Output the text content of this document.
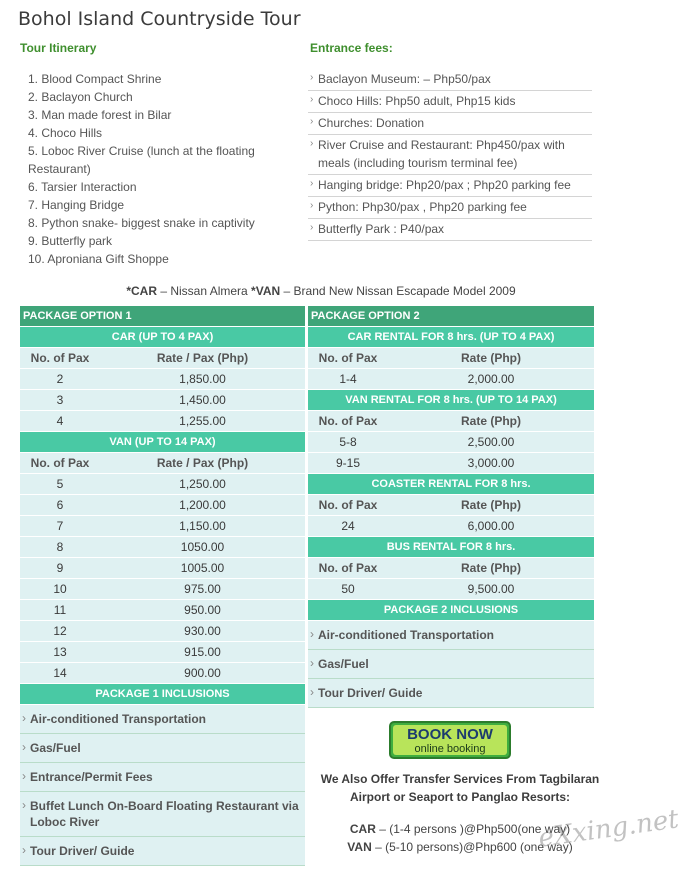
Bohol Island Countryside Tour
Tour Itinerary
1. Blood Compact Shrine
2. Baclayon Church
3. Man made forest in Bilar
4. Choco Hills
5. Loboc River Cruise (lunch at the floating Restaurant)
6. Tarsier Interaction
7. Hanging Bridge
8. Python snake- biggest snake in captivity
9. Butterfly park
10. Apronianа Gift Shoppe
Entrance fees:
› Baclayon Museum: – Php50/pax
› Choco Hills: Php50 adult, Php15 kids
› Churches: Donation
› River Cruise and Restaurant: Php450/pax with meals (including tourism terminal fee)
› Hanging bridge: Php20/pax ; Php20 parking fee
› Python: Php30/pax , Php20 parking fee
› Butterfly Park : P40/pax
*CAR – Nissan Almera *VAN – Brand New Nissan Escapade Model 2009
PACKAGE OPTION 1
CAR (UP TO 4 PAX)
No. of Pax	Rate / Pax (Php)
2	1,850.00
3	1,450.00
4	1,255.00
VAN (UP TO 14 PAX)
No. of Pax	Rate / Pax (Php)
5	1,250.00
6	1,200.00
7	1,150.00
8	1050.00
9	1005.00
10	975.00
11	950.00
12	930.00
13	915.00
14	900.00
PACKAGE 1 INCLUSIONS
› Air-conditioned Transportation
› Gas/Fuel
› Entrance/Permit Fees
› Buffet Lunch On-Board Floating Restaurant via Loboc River
› Tour Driver/ Guide
PACKAGE OPTION 2
CAR RENTAL FOR 8 hrs. (UP TO 4 PAX)
No. of Pax	Rate (Php)
1-4	2,000.00
VAN RENTAL FOR 8 hrs. (UP TO 14 PAX)
No. of Pax	Rate (Php)
5-8	2,500.00
9-15	3,000.00
COASTER RENTAL FOR 8 hrs.
No. of Pax	Rate (Php)
24	6,000.00
BUS RENTAL FOR 8 hrs.
No. of Pax	Rate (Php)
50	9,500.00
PACKAGE 2 INCLUSIONS
› Air-conditioned Transportation
› Gas/Fuel
› Tour Driver/ Guide
BOOK NOW
online booking
We Also Offer Transfer Services From Tagbilaran Airport or Seaport to Panglao Resorts:
CAR – (1-4 persons )@Php500(one way)
VAN – (5-10 persons)@Php600 (one way)
eXxing.net
